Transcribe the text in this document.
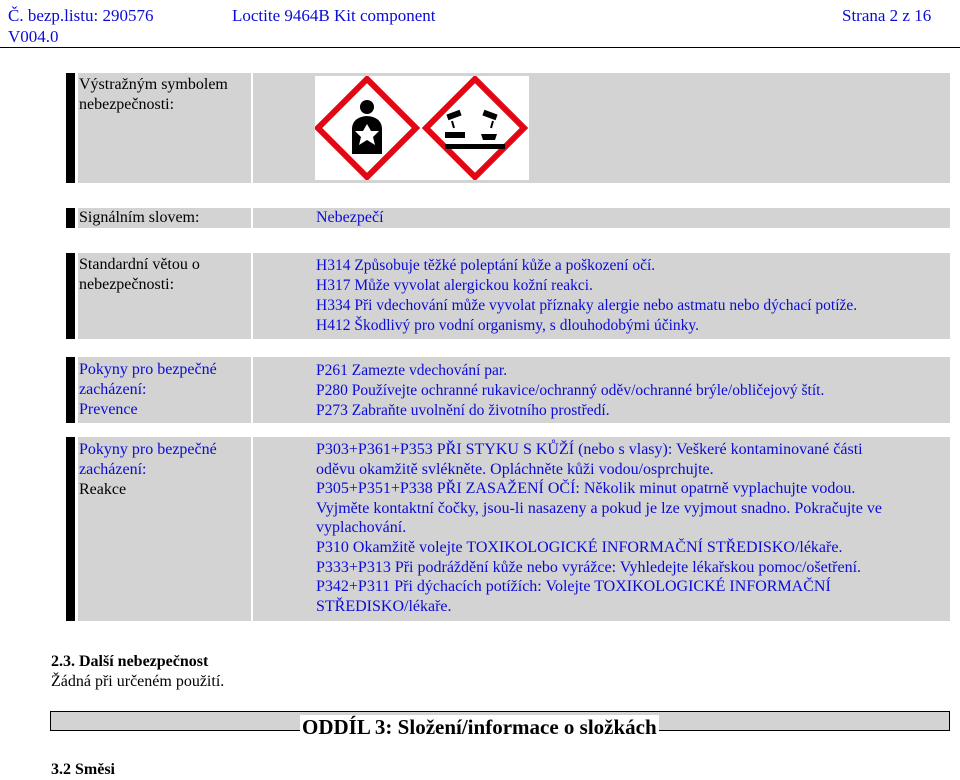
Č. bezp.listu: 290576
V004.0
Loctite 9464B Kit component	Strana 2 z 16
Výstražným symbolem
nebezpečnosti:
Signálním slovem:	Nebezpečí
Standardní větou o
nebezpečnosti:
H314 Způsobuje těžké poleptání kůže a poškození očí.
H317 Může vyvolat alergickou kožní reakci.
H334 Při vdechování může vyvolat příznaky alergie nebo astmatu nebo dýchací potíže.
H412 Škodlivý pro vodní organismy, s dlouhodobými účinky.
Pokyny pro bezpečné
zacházení:
Prevence
P261 Zamezte vdechování par.
P280 Používejte ochranné rukavice/ochranný oděv/ochranné brýle/obličejový štít.
P273 Zabraňte uvolnění do životního prostředí.
Pokyny pro bezpečné
zacházení:
Reakce
P303+P361+P353 PŘI STYKU S KŮŽÍ (nebo s vlasy): Veškeré kontaminované části
oděvu okamžitě svlékněte. Opláchněte kůži vodou/osprchujte.
P305+P351+P338 PŘI ZASAŽENÍ OČÍ: Několik minut opatrně vyplachujte vodou.
Vyjměte kontaktní čočky, jsou-li nasazeny a pokud je lze vyjmout snadno. Pokračujte ve
vyplachování.
P310 Okamžitě volejte TOXIKOLOGICKÉ INFORMAČNÍ STŘEDISKO/lékaře.
P333+P313 Při podráždění kůže nebo vyrážce: Vyhledejte lékařskou pomoc/ošetření.
P342+P311 Při dýchacích potížích: Volejte TOXIKOLOGICKÉ INFORMAČNÍ
STŘEDISKO/lékaře.
2.3. Další nebezpečnost
Žádná při určeném použití.
ODDÍL 3: Složení/informace o složkách
3.2 Směsi
